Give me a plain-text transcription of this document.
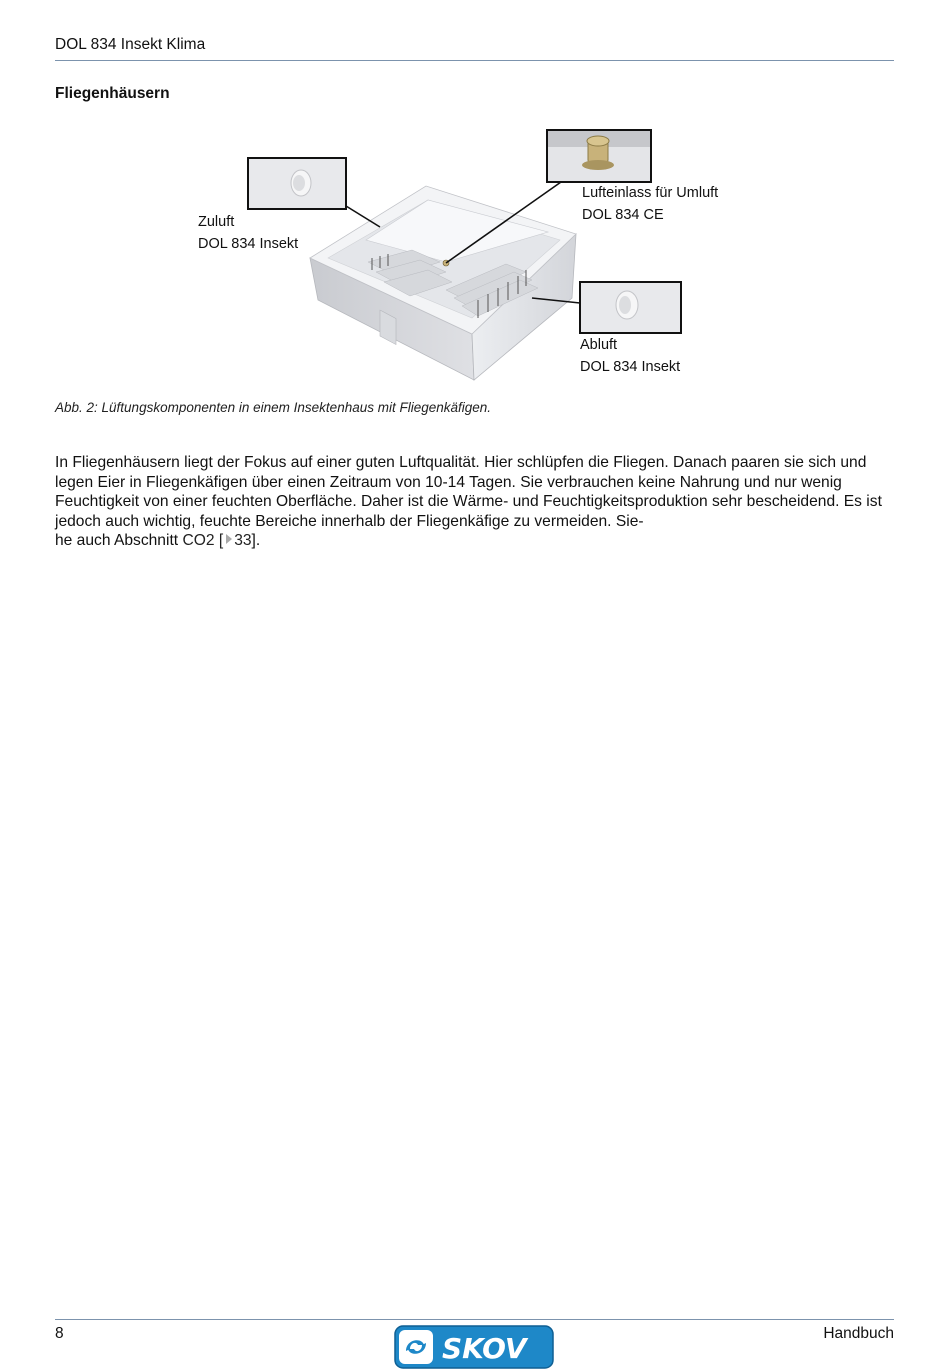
DOL 834 Insekt Klima
Fliegenhäusern
Zuluft
DOL 834 Insekt
Lufteinlass für Umluft
DOL 834 CE
Abluft
DOL 834 Insekt
Abb. 2: Lüftungskomponenten in einem Insektenhaus mit Fliegenkäfigen.
In Fliegenhäusern liegt der Fokus auf einer guten Luftqualität. Hier schlüpfen die Fliegen. Danach paaren sie sich und legen Eier in Fliegenkäfigen über einen Zeitraum von 10-14 Tagen. Sie verbrauchen keine Nahrung und nur wenig Feuchtigkeit von einer feuchten Oberfläche. Daher ist die Wärme- und Feuchtigkeitsproduktion sehr bescheidend. Es ist jedoch auch wichtig, feuchte Bereiche innerhalb der Fliegenkäfige zu vermeiden. Sie-
he auch Abschnitt CO2 [ 33].
8	SKOV	Handbuch
